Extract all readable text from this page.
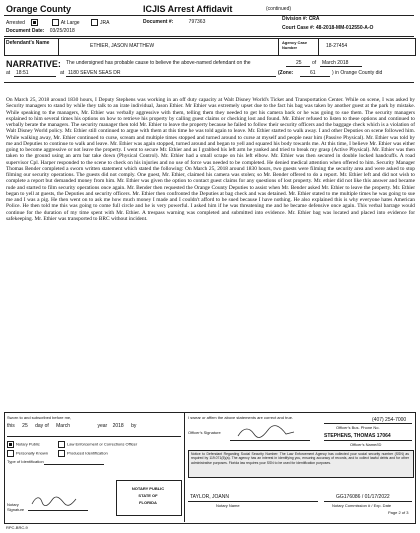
Orange County	ICJIS Arrest Affidavit	(continued)
Arrested	At Large	JRA	Document #:	797363	Division #: CRA
Court Case #: 48-2018-MM-012550-A-O
Document Date: 03/25/2018
Defendant's Name	ETHIER, JASON MATTHEW
Agency Case Number	18-27454
NARRATIVE: The undersigned has probable cause to believe the above-named defendant on the	25 of March 2018
at 18:51	at 1180 SEVEN SEAS DR	(Zone:	61	) in Orange County did
On March 25, 2018 around 1830 hours, I Deputy Stephens was working in an off duty capacity at Walt Disney World's Ticket and Transportation Center. While on scene, I was asked by Security managers to stand by while they talk to an irate individual, Jason Ethier. Mr Ethier was extremely upset due to the fact his bag was taken by another guest at the park by mistake. While speaking to the managers, Mr. Ethier was verbally aggressive with them, telling them they needed to get his camera back or he was going to sue them. The security managers explained to him several times his options on how to retrieve his property by calling guest claims or checking lost and found. Mr. Ethier refused to listen to these options and continued to verbally berate the managers. The security manager then told Mr. Ethier to leave the property because he failed to follow their security officers and the baggage check which is a violation of Walt Disney World policy. Mr. Ethier still continued to argue with them at this time he was told again to leave. Mr. Ethier started to walk away. I and other Deputies on scene followed him. While walking away, Mr. Ethier continued to curse, scream and multiple times stopped and turned around to curse at myself and people near him (Passive Physical). Mr. Ethier was told by me and Deputies to continue to walk and leave. Mr. Ethier was again stopped, turned around and began to yell and squared his body towards me. At this time, I believe Mr. Ethier was either going to become aggressive or not leave the property. I went to secure Mr. Ethier and as I grabbed his left arm he yanked and tried to break my grasp (Active Physical). Mr. Ethier was then taken to the ground using an arm bar take down (Physical Control). Mr. Ethier had a small scrape on his left elbow. Mr. Ethier was then secured in double locked handcuffs. A road supervisor Cpl. Harper responded to the scene to check on his injuries and no use of force was needed to be completed. He denied medical attention when offered to him. Security Manager Thomas Bender completed a sworn written statement which stated the following: On March 25, 2018 around 1830 hours, two guests were filming the security area and were asked to stop filming our security operations. The guests did not comply. One guest, Mr. Ethier, claimed his camera was stolen; so Mr. Bender offered to do a report. Mr. Ethier left and did not wish to complete a report but demanded money from him. Mr. Ethier was given the option to contact guest claims for any questions of lost property. Mr. ethier did not like this answer and became rude and started to film security operations once again. Mr. Bender then requested the Orange County Deputies to assist when Mr. Bender asked Mr. Ethier to leave the property. Mr. Ethier began to yell at guests, the Deputies and security officers. Mr. Ethier then confronted the Deputies at bag check and was detained. Mr. Ethier stated to me multiple times he was going to sue me and I was a pig. He then went on to ask me how much money I made and I couldn't afford to be sued because I have nothing. He also explained this is why everyone hates American Police. He then told me this was going to come full circle and he is very powerful. I asked him if he was threatening me and he became defensive once again. This verbal barrage would continue for the duration of my time spent with Mr. Ethier. A trespass warning was completed and submitted into evidence. Mr. Ethier bag was located and placed into evidence for safekeeping. Mr. Ethier was transported to BRC without incident.
Sworn to and subscribed before me,
this 25 day of March	year 2018 by
Notary Public	Law Enforcement or Corrections Officer
Personally Known	Produced Identification
Type of Identification
Notary
Signature
NOTARY PUBLIC
STATE OF
FLORIDA
I swear or affirm the above statements are correct and true.	(407) 254-7000
Officer's Bus. Phone No.
Officer's Signature
STEPHENS, THOMAS 17064
Officer's Name/ID
Notice to Defendant Regarding Social Security Number: The Law Enforcement Agency has collected your social security number (SSN) as required by 119.071(5)(a). The agency has an interest in identifying you, ensuring accuracy of records, and to collect lawful debts and for other administrative purposes. Florida law requires your SSN to be used for identification purposes.
TAYLOR, JOANN
Notary Name
GG176086 / 01/17/2022
Notary Commission # / Exp. Date
Page 2 of 3
RPC-BRC-9
